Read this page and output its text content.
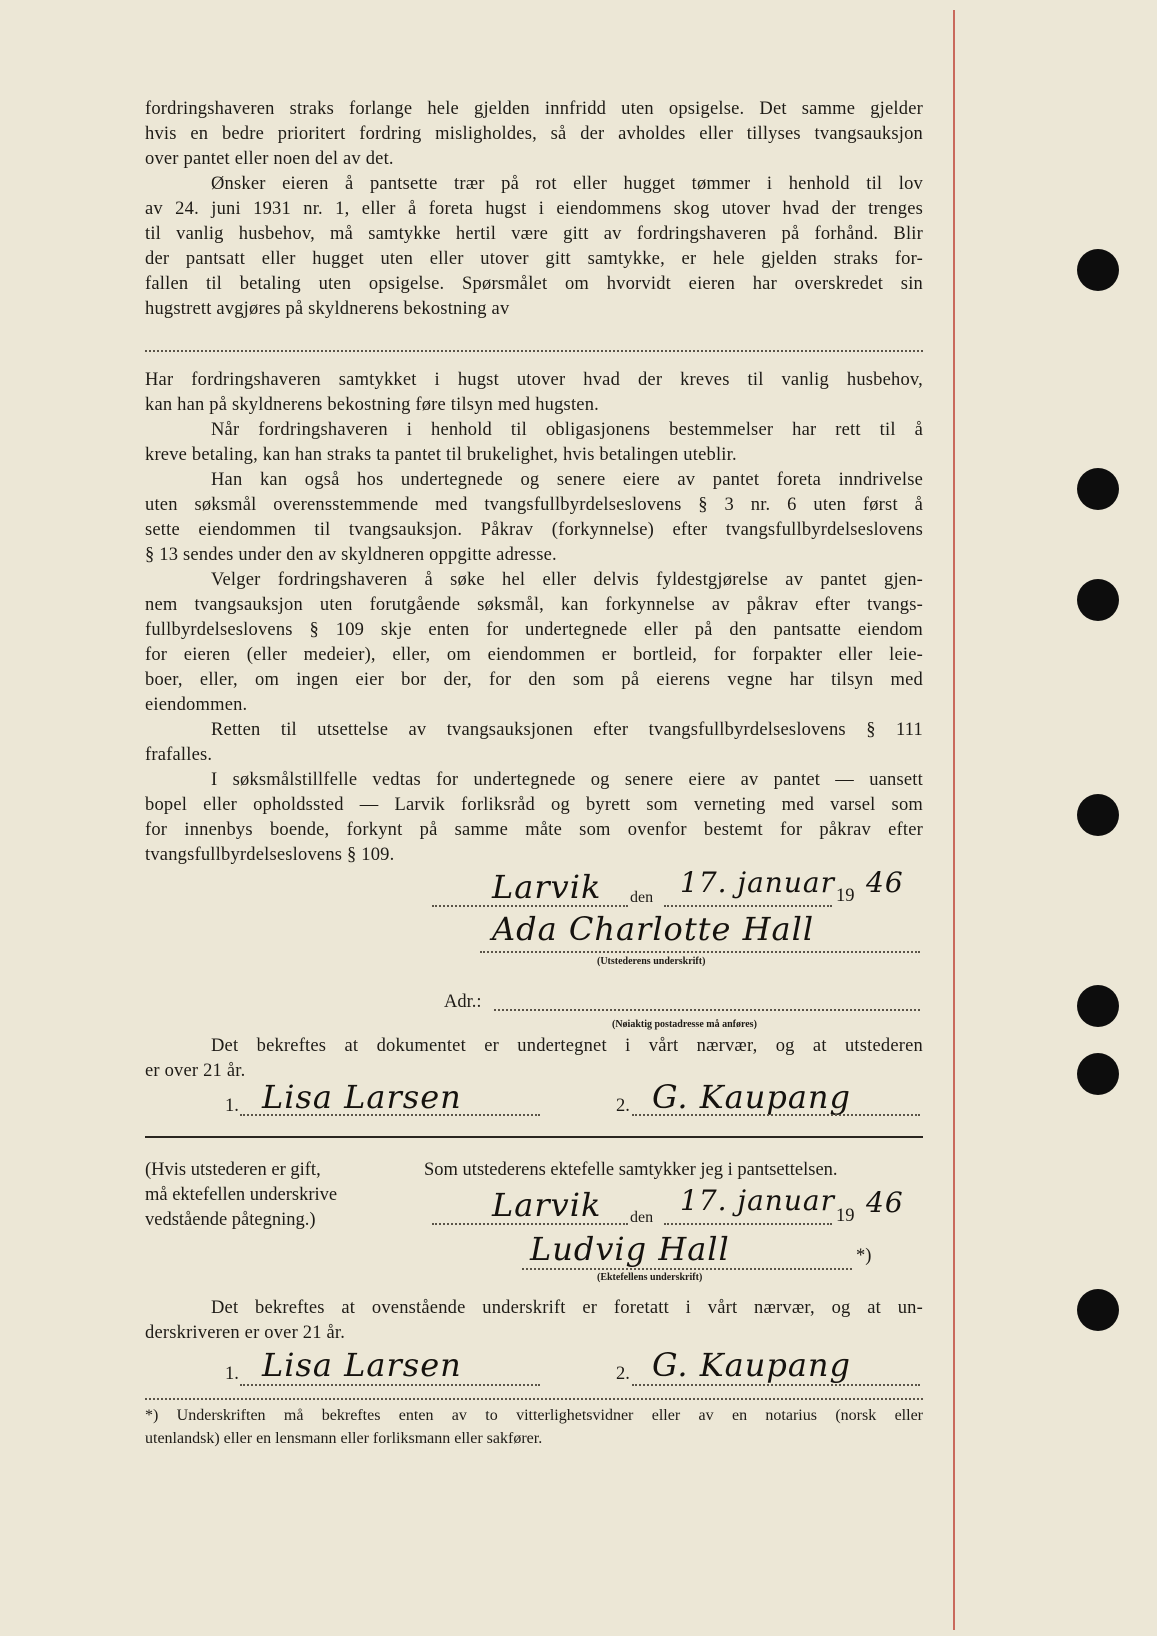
fordringshaveren straks forlange hele gjelden innfridd uten opsigelse. Det samme gjelder
hvis en bedre prioritert fordring misligholdes, så der avholdes eller tillyses tvangsauksjon
over pantet eller noen del av det.
Ønsker eieren å pantsette trær på rot eller hugget tømmer i henhold til lov
av 24. juni 1931 nr. 1, eller å foreta hugst i eiendommens skog utover hvad der trenges
til vanlig husbehov, må samtykke hertil være gitt av fordringshaveren på forhånd. Blir
der pantsatt eller hugget uten eller utover gitt samtykke, er hele gjelden straks for-
fallen til betaling uten opsigelse. Spørsmålet om hvorvidt eieren har overskredet sin
hugstrett avgjøres på skyldnerens bekostning av
Har fordringshaveren samtykket i hugst utover hvad der kreves til vanlig husbehov,
kan han på skyldnerens bekostning føre tilsyn med hugsten.
Når fordringshaveren i henhold til obligasjonens bestemmelser har rett til å
kreve betaling, kan han straks ta pantet til brukelighet, hvis betalingen uteblir.
Han kan også hos undertegnede og senere eiere av pantet foreta inndrivelse
uten søksmål overensstemmende med tvangsfullbyrdelseslovens § 3 nr. 6 uten først å
sette eiendommen til tvangsauksjon. Påkrav (forkynnelse) efter tvangsfullbyrdelseslovens
§ 13 sendes under den av skyldneren oppgitte adresse.
Velger fordringshaveren å søke hel eller delvis fyldestgjørelse av pantet gjen-
nem tvangsauksjon uten forutgående søksmål, kan forkynnelse av påkrav efter tvangs-
fullbyrdelseslovens § 109 skje enten for undertegnede eller på den pantsatte eiendom
for eieren (eller medeier), eller, om eiendommen er bortleid, for forpakter eller leie-
boer, eller, om ingen eier bor der, for den som på eierens vegne har tilsyn med
eiendommen.
Retten til utsettelse av tvangsauksjonen efter tvangsfullbyrdelseslovens § 111
frafalles.
I søksmålstillfelle vedtas for undertegnede og senere eiere av pantet — uansett
bopel eller opholdssted — Larvik forliksråd og byrett som verneting med varsel som
for innenbys boende, forkynt på samme måte som ovenfor bestemt for påkrav efter
tvangsfullbyrdelseslovens § 109.
Larvik den 17. januar 19 46
Ada Charlotte Hall
(Utstederens underskrift)
Adr.:
(Nøiaktig postadresse må anføres)
Det bekreftes at dokumentet er undertegnet i vårt nærvær, og at utstederen
er over 21 år.
1. Lisa Larsen	2. G. Kaupang
(Hvis utstederen er gift,
må ektefellen underskrive
vedstående påtegning.)
Som utstederens ektefelle samtykker jeg i pantsettelsen.
Larvik den
17. januar 19 46
Ludvig Hall	*)
(Ektefellens underskrift)
Det bekreftes at ovenstående underskrift er foretatt i vårt nærvær, og at un-
derskriveren er over 21 år.
1. Lisa Larsen	2. G. Kaupang
*) Underskriften må bekreftes enten av to vitterlighetsvidner eller av en notarius (norsk eller
utenlandsk) eller en lensmann eller forliksmann eller sakfører.
